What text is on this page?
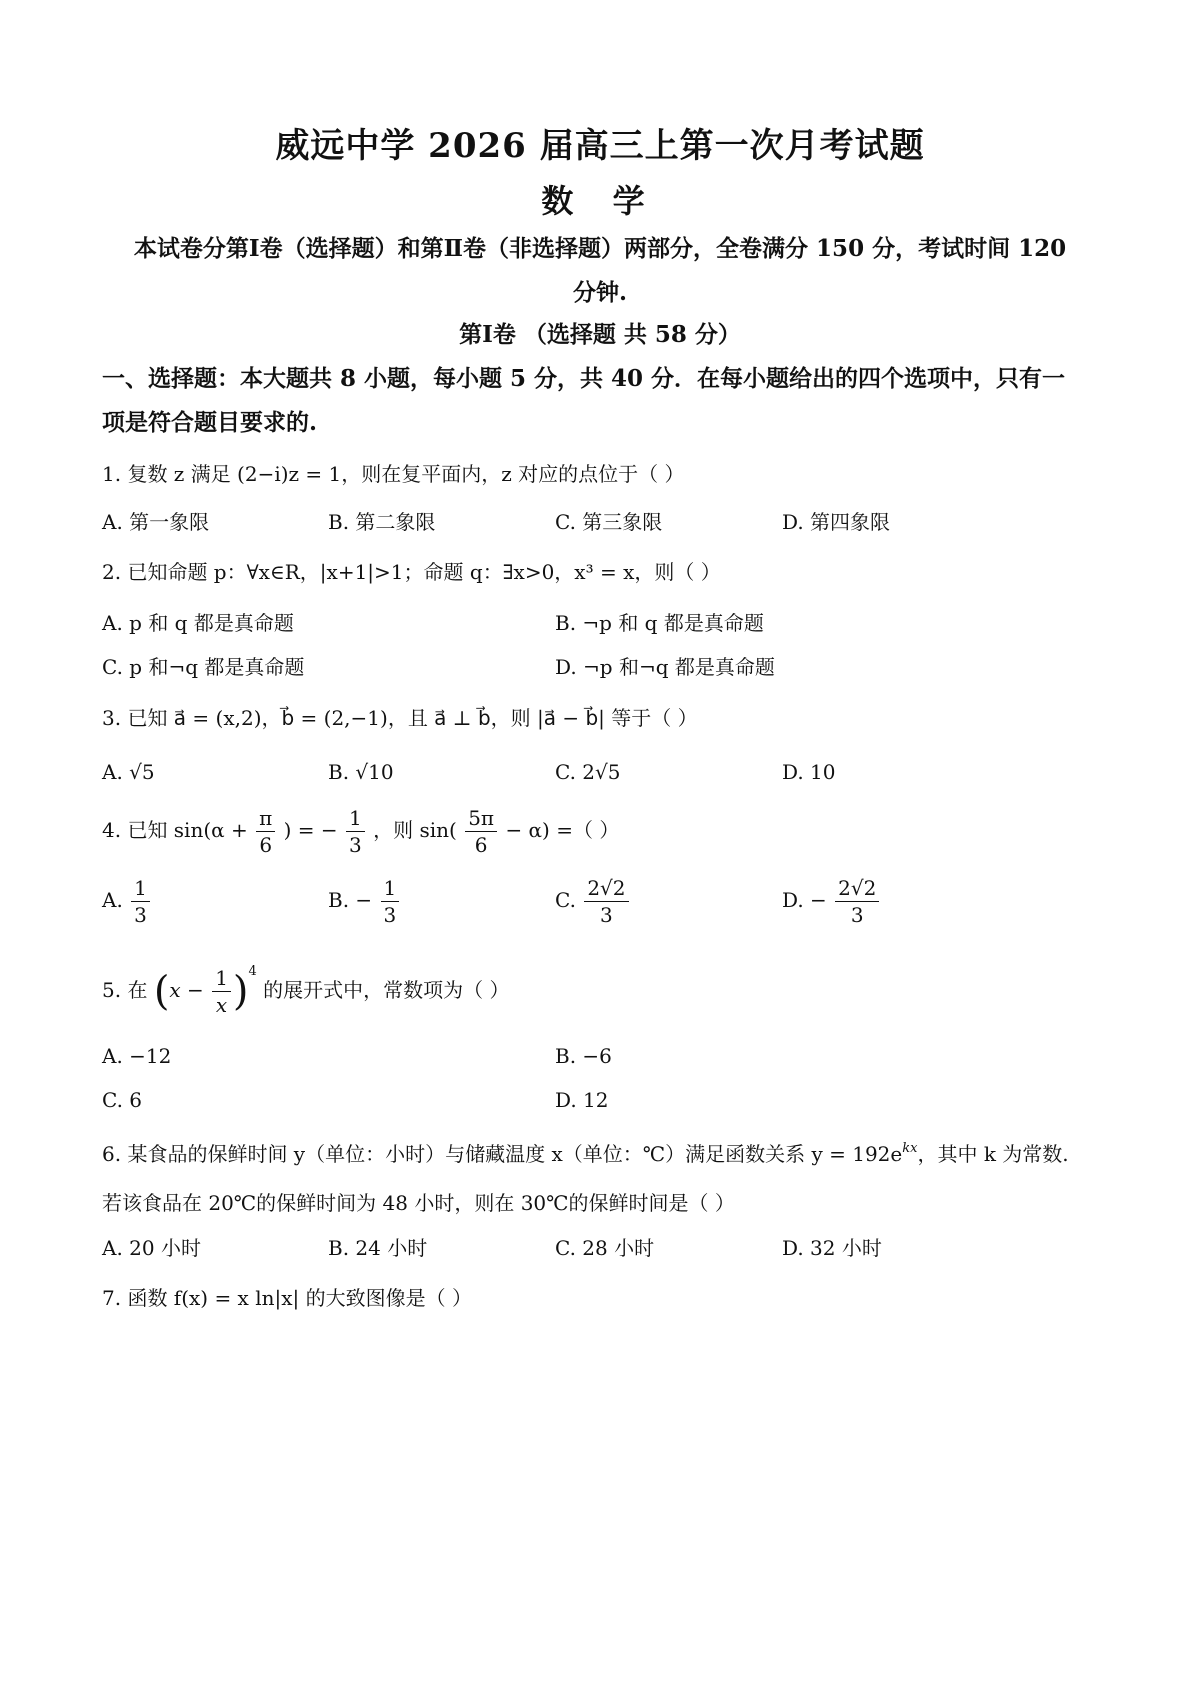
威远中学 2026 届高三上第一次月考试题
数 学
本试卷分第Ⅰ卷（选择题）和第Ⅱ卷（非选择题）两部分，全卷满分 150 分，考试时间 120
分钟.
第Ⅰ卷 （选择题 共 58 分）
一、选择题：本大题共 8 小题，每小题 5 分，共 40 分．在每小题给出的四个选项中，只有一
项是符合题目要求的.
1. 复数 z 满足 (2−i)z = 1，则在复平面内，z 对应的点位于（ ）
A. 第一象限	B. 第二象限	C. 第三象限	D. 第四象限
2. 已知命题 p：∀x∈R，|x+1|>1；命题 q：∃x>0，x³ = x，则（ ）
A. p 和 q 都是真命题	B. ¬p 和 q 都是真命题
C. p 和¬q 都是真命题	D. ¬p 和¬q 都是真命题
3. 已知 a⃗ = (x,2)，b⃗ = (2,−1)，且 a⃗ ⊥ b⃗，则 |a⃗ − b⃗| 等于（ ）
A. √5	B. √10	C. 2√5	D. 10
4. 已知 $\sin(\alpha + \frac{\pi}{6}$ ) = − $\frac{1}{3}$ ，则 $\sin( \frac{5\pi}{6} - \alpha)$ =（ ）
A. $\frac{1}{3}$	B. − $\frac{1}{3}$	C. $\frac{2√2}{3}$	D. − $\frac{2√2}{3}$
5. 在 $(x - \frac{1}{x} )^4$ 的展开式中，常数项为（ ）
A. −12	B. −6
C. 6	D. 12
6. 某食品的保鲜时间 y（单位：小时）与储藏温度 x（单位：℃）满足函数关系 $y = 192e^{kx}$，其中 k 为常数.
若该食品在 20℃的保鲜时间为 48 小时，则在 30℃的保鲜时间是（ ）
A. 20 小时	B. 24 小时	C. 28 小时	D. 32 小时
7. 函数 f(x) = x ln|x| 的大致图像是（ ）
